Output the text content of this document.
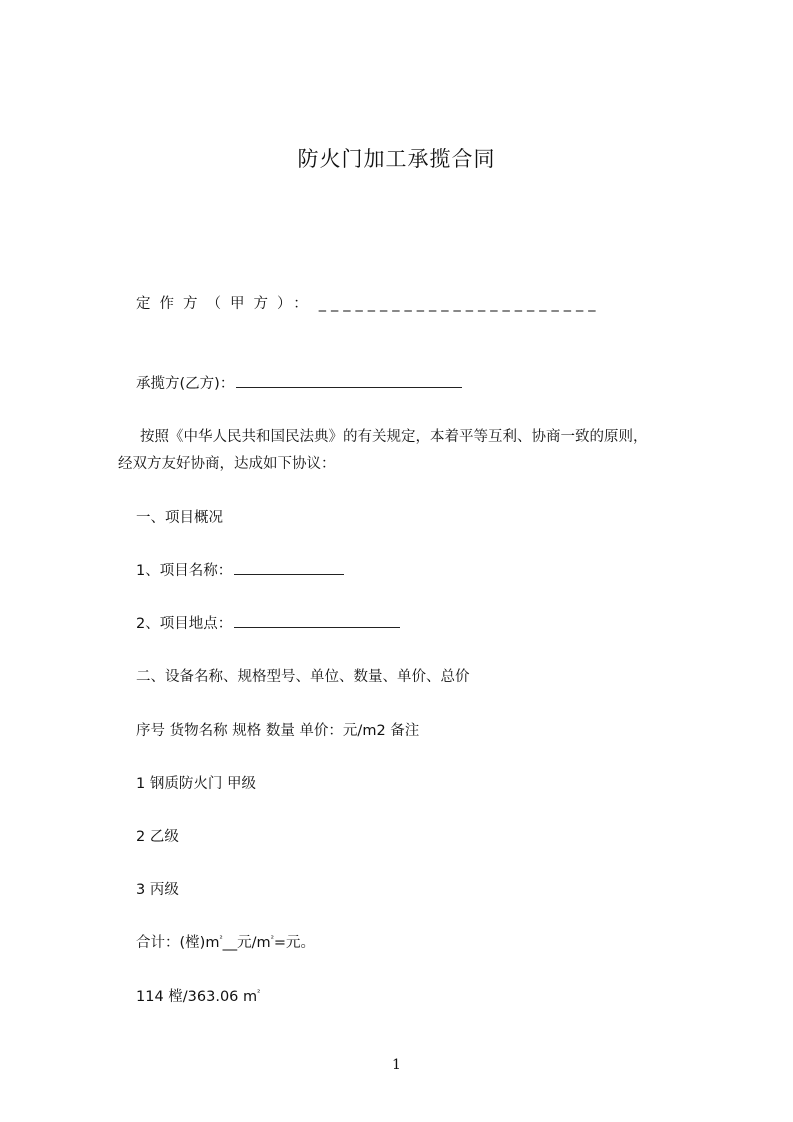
防火门加工承揽合同
定作方（甲方）： _______________________
承揽方(乙方)：
按照《中华人民共和国民法典》的有关规定，本着平等互利、协商一致的原则，
经双方友好协商，达成如下协议：
一、项目概况
1、项目名称：
2、项目地点：
二、设备名称、规格型号、单位、数量、单价、总价
序号 货物名称 规格 数量 单价：元/m2 备注
1 钢质防火门 甲级
2 乙级
3 丙级
合计：(樘)$m^{^2}\_\_$元$/m^{^2}=$元。
114 樘/363.06 $m^{^2}$
1
